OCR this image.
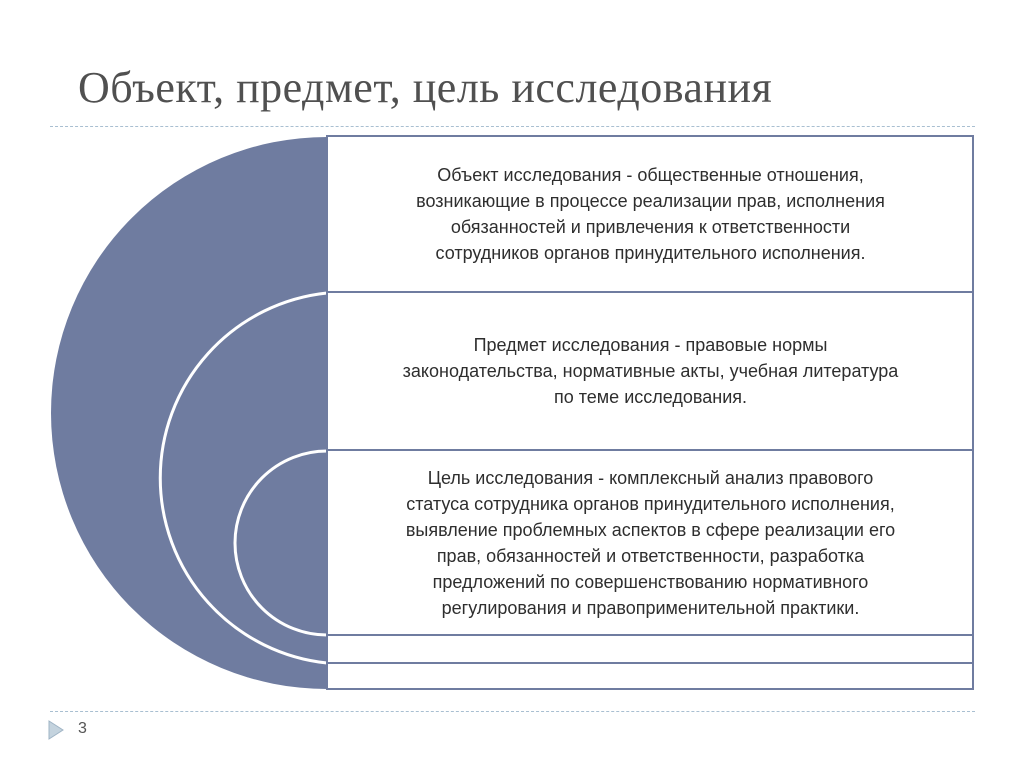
Объект, предмет, цель исследования
Объект исследования - общественные отношения,
возникающие в процессе реализации прав, исполнения
обязанностей и привлечения к ответственности
сотрудников органов принудительного исполнения.
Предмет исследования - правовые нормы
законодательства, нормативные акты, учебная литература
по теме исследования.
Цель исследования - комплексный анализ правового
статуса сотрудника органов принудительного исполнения,
выявление проблемных аспектов в сфере реализации его
прав, обязанностей и ответственности, разработка
предложений по совершенствованию нормативного
регулирования и правоприменительной практики.
3
